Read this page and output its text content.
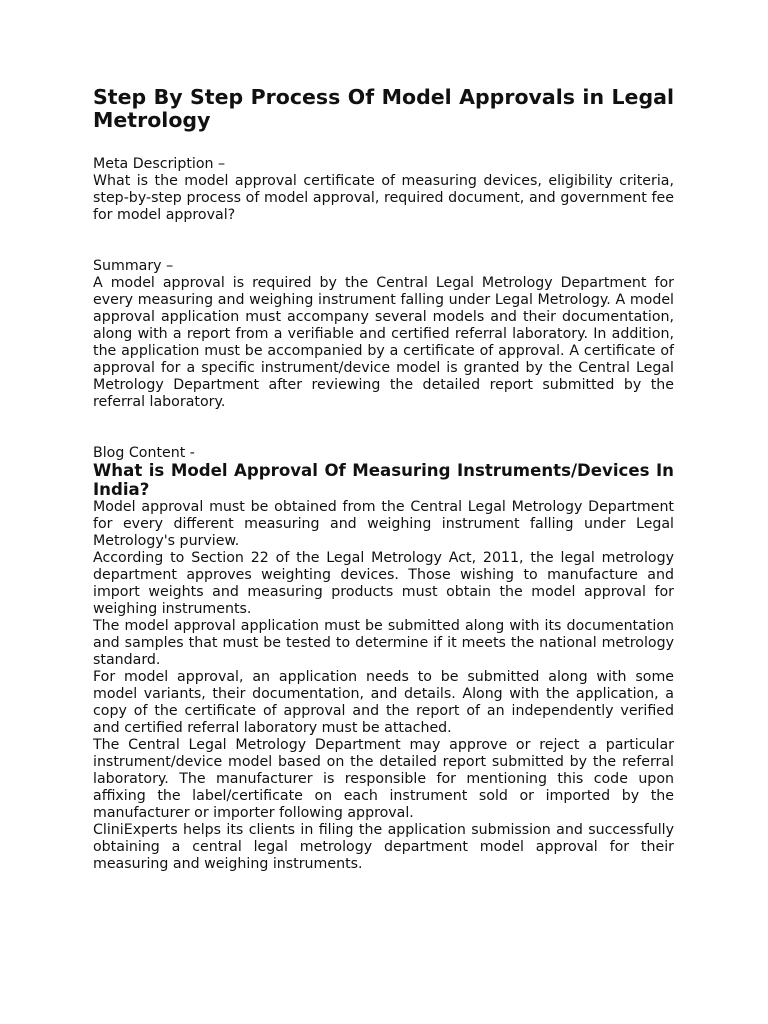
Step By Step Process Of Model Approvals in Legal Metrology

Meta Description –

What is the model approval certificate of measuring devices, eligibility criteria, step-by-step process of model approval, required document, and government fee for model approval?

Summary –

A model approval is required by the Central Legal Metrology Department for every measuring and weighing instrument falling under Legal Metrology. A model approval application must accompany several models and their documentation, along with a report from a verifiable and certified referral laboratory. In addition, the application must be accompanied by a certificate of approval. A certificate of approval for a specific instrument/device model is granted by the Central Legal Metrology Department after reviewing the detailed report submitted by the referral laboratory.

Blog Content -

What is Model Approval Of Measuring Instruments/Devices In India?

Model approval must be obtained from the Central Legal Metrology Department for every different measuring and weighing instrument falling under Legal Metrology's purview.

According to Section 22 of the Legal Metrology Act, 2011, the legal metrology department approves weighting devices. Those wishing to manufacture and import weights and measuring products must obtain the model approval for weighing instruments.

The model approval application must be submitted along with its documentation and samples that must be tested to determine if it meets the national metrology standard.

For model approval, an application needs to be submitted along with some model variants, their documentation, and details. Along with the application, a copy of the certificate of approval and the report of an independently verified and certified referral laboratory must be attached.

The Central Legal Metrology Department may approve or reject a particular instrument/device model based on the detailed report submitted by the referral laboratory. The manufacturer is responsible for mentioning this code upon affixing the label/certificate on each instrument sold or imported by the manufacturer or importer following approval.

CliniExperts helps its clients in filing the application submission and successfully obtaining a central legal metrology department model approval for their measuring and weighing instruments.
